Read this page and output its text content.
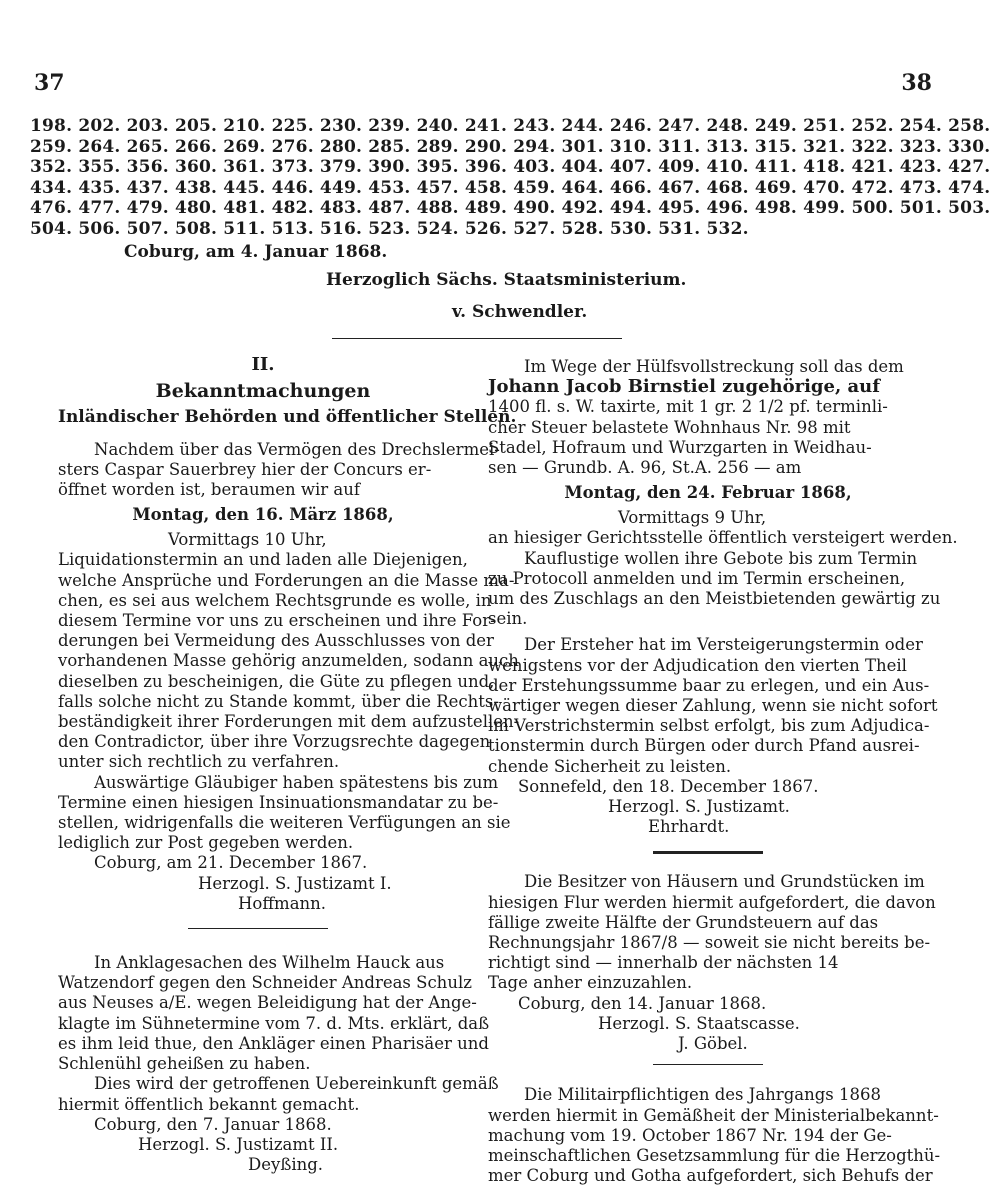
37	38
198. 202. 203. 205. 210. 225. 230. 239. 240. 241. 243. 244. 246. 247. 248. 249. 251. 252. 254. 258.
259. 264. 265. 266. 269. 276. 280. 285. 289. 290. 294. 301. 310. 311. 313. 315. 321. 322. 323. 330.
352. 355. 356. 360. 361. 373. 379. 390. 395. 396. 403. 404. 407. 409. 410. 411. 418. 421. 423. 427.
434. 435. 437. 438. 445. 446. 449. 453. 457. 458. 459. 464. 466. 467. 468. 469. 470. 472. 473. 474.
476. 477. 479. 480. 481. 482. 483. 487. 488. 489. 490. 492. 494. 495. 496. 498. 499. 500. 501. 503.
504. 506. 507. 508. 511. 513. 516. 523. 524. 526. 527. 528. 530. 531. 532.
Coburg, am 4. Januar 1868.
Herzoglich Sächs. Staatsministerium.
v. Schwendler.
II.
Bekanntmachungen
Inländischer Behörden und öffentlicher Stellen.
Nachdem über das Vermögen des Drechslermei-
sters Caspar Sauerbrey hier der Concurs er-
öffnet worden ist, beraumen wir auf
Montag, den 16. März 1868,
Vormittags 10 Uhr,
Liquidationstermin an und laden alle Diejenigen,
welche Ansprüche und Forderungen an die Masse ma-
chen, es sei aus welchem Rechtsgrunde es wolle, in
diesem Termine vor uns zu erscheinen und ihre For-
derungen bei Vermeidung des Ausschlusses von der
vorhandenen Masse gehörig anzumelden, sodann auch
dieselben zu bescheinigen, die Güte zu pflegen und,
falls solche nicht zu Stande kommt, über die Rechts-
beständigkeit ihrer Forderungen mit dem aufzustellen-
den Contradictor, über ihre Vorzugsrechte dagegen
unter sich rechtlich zu verfahren.
Auswärtige Gläubiger haben spätestens bis zum
Termine einen hiesigen Insinuationsmandatar zu be-
stellen, widrigenfalls die weiteren Verfügungen an sie
lediglich zur Post gegeben werden.
Coburg, am 21. December 1867.
Herzogl. S. Justizamt I.
Hoffmann.
In Anklagesachen des Wilhelm Hauck aus
Watzendorf gegen den Schneider Andreas Schulz
aus Neuses a/E. wegen Beleidigung hat der Ange-
klagte im Sühnetermine vom 7. d. Mts. erklärt, daß
es ihm leid thue, den Ankläger einen Pharisäer und
Schlenühl geheißen zu haben.
Dies wird der getroffenen Uebereinkunft gemäß
hiermit öffentlich bekannt gemacht.
Coburg, den 7. Januar 1868.
Herzogl. S. Justizamt II.
Deyßing.
Im Wege der Hülfsvollstreckung soll das dem
Johann Jacob Birnstiel zugehörige, auf
1400 fl. s. W. taxirte, mit 1 gr. 2 1/2 pf. terminli-
cher Steuer belastete Wohnhaus Nr. 98 mit
Stadel, Hofraum und Wurzgarten in Weidhau-
sen — Grundb. A. 96, St.A. 256 — am
Montag, den 24. Februar 1868,
Vormittags 9 Uhr,
an hiesiger Gerichtsstelle öffentlich versteigert werden.
Kauflustige wollen ihre Gebote bis zum Termin
zu Protocoll anmelden und im Termin erscheinen,
um des Zuschlags an den Meistbietenden gewärtig zu
sein.
Der Ersteher hat im Versteigerungstermin oder
wenigstens vor der Adjudication den vierten Theil
der Erstehungssumme baar zu erlegen, und ein Aus-
wärtiger wegen dieser Zahlung, wenn sie nicht sofort
im Verstrichstermin selbst erfolgt, bis zum Adjudica-
tionstermin durch Bürgen oder durch Pfand ausrei-
chende Sicherheit zu leisten.
Sonnefeld, den 18. December 1867.
Herzogl. S. Justizamt.
Ehrhardt.
Die Besitzer von Häusern und Grundstücken im
hiesigen Flur werden hiermit aufgefordert, die davon
fällige zweite Hälfte der Grundsteuern auf das
Rechnungsjahr 1867/8 — soweit sie nicht bereits be-
richtigt sind — innerhalb der nächsten 14
Tage anher einzuzahlen.
Coburg, den 14. Januar 1868.
Herzogl. S. Staatscasse.
J. Göbel.
Die Militairpflichtigen des Jahrgangs 1868
werden hiermit in Gemäßheit der Ministerialbekannt-
machung vom 19. October 1867 Nr. 194 der Ge-
meinschaftlichen Gesetzsammlung für die Herzogthü-
mer Coburg und Gotha aufgefordert, sich Behufs der
